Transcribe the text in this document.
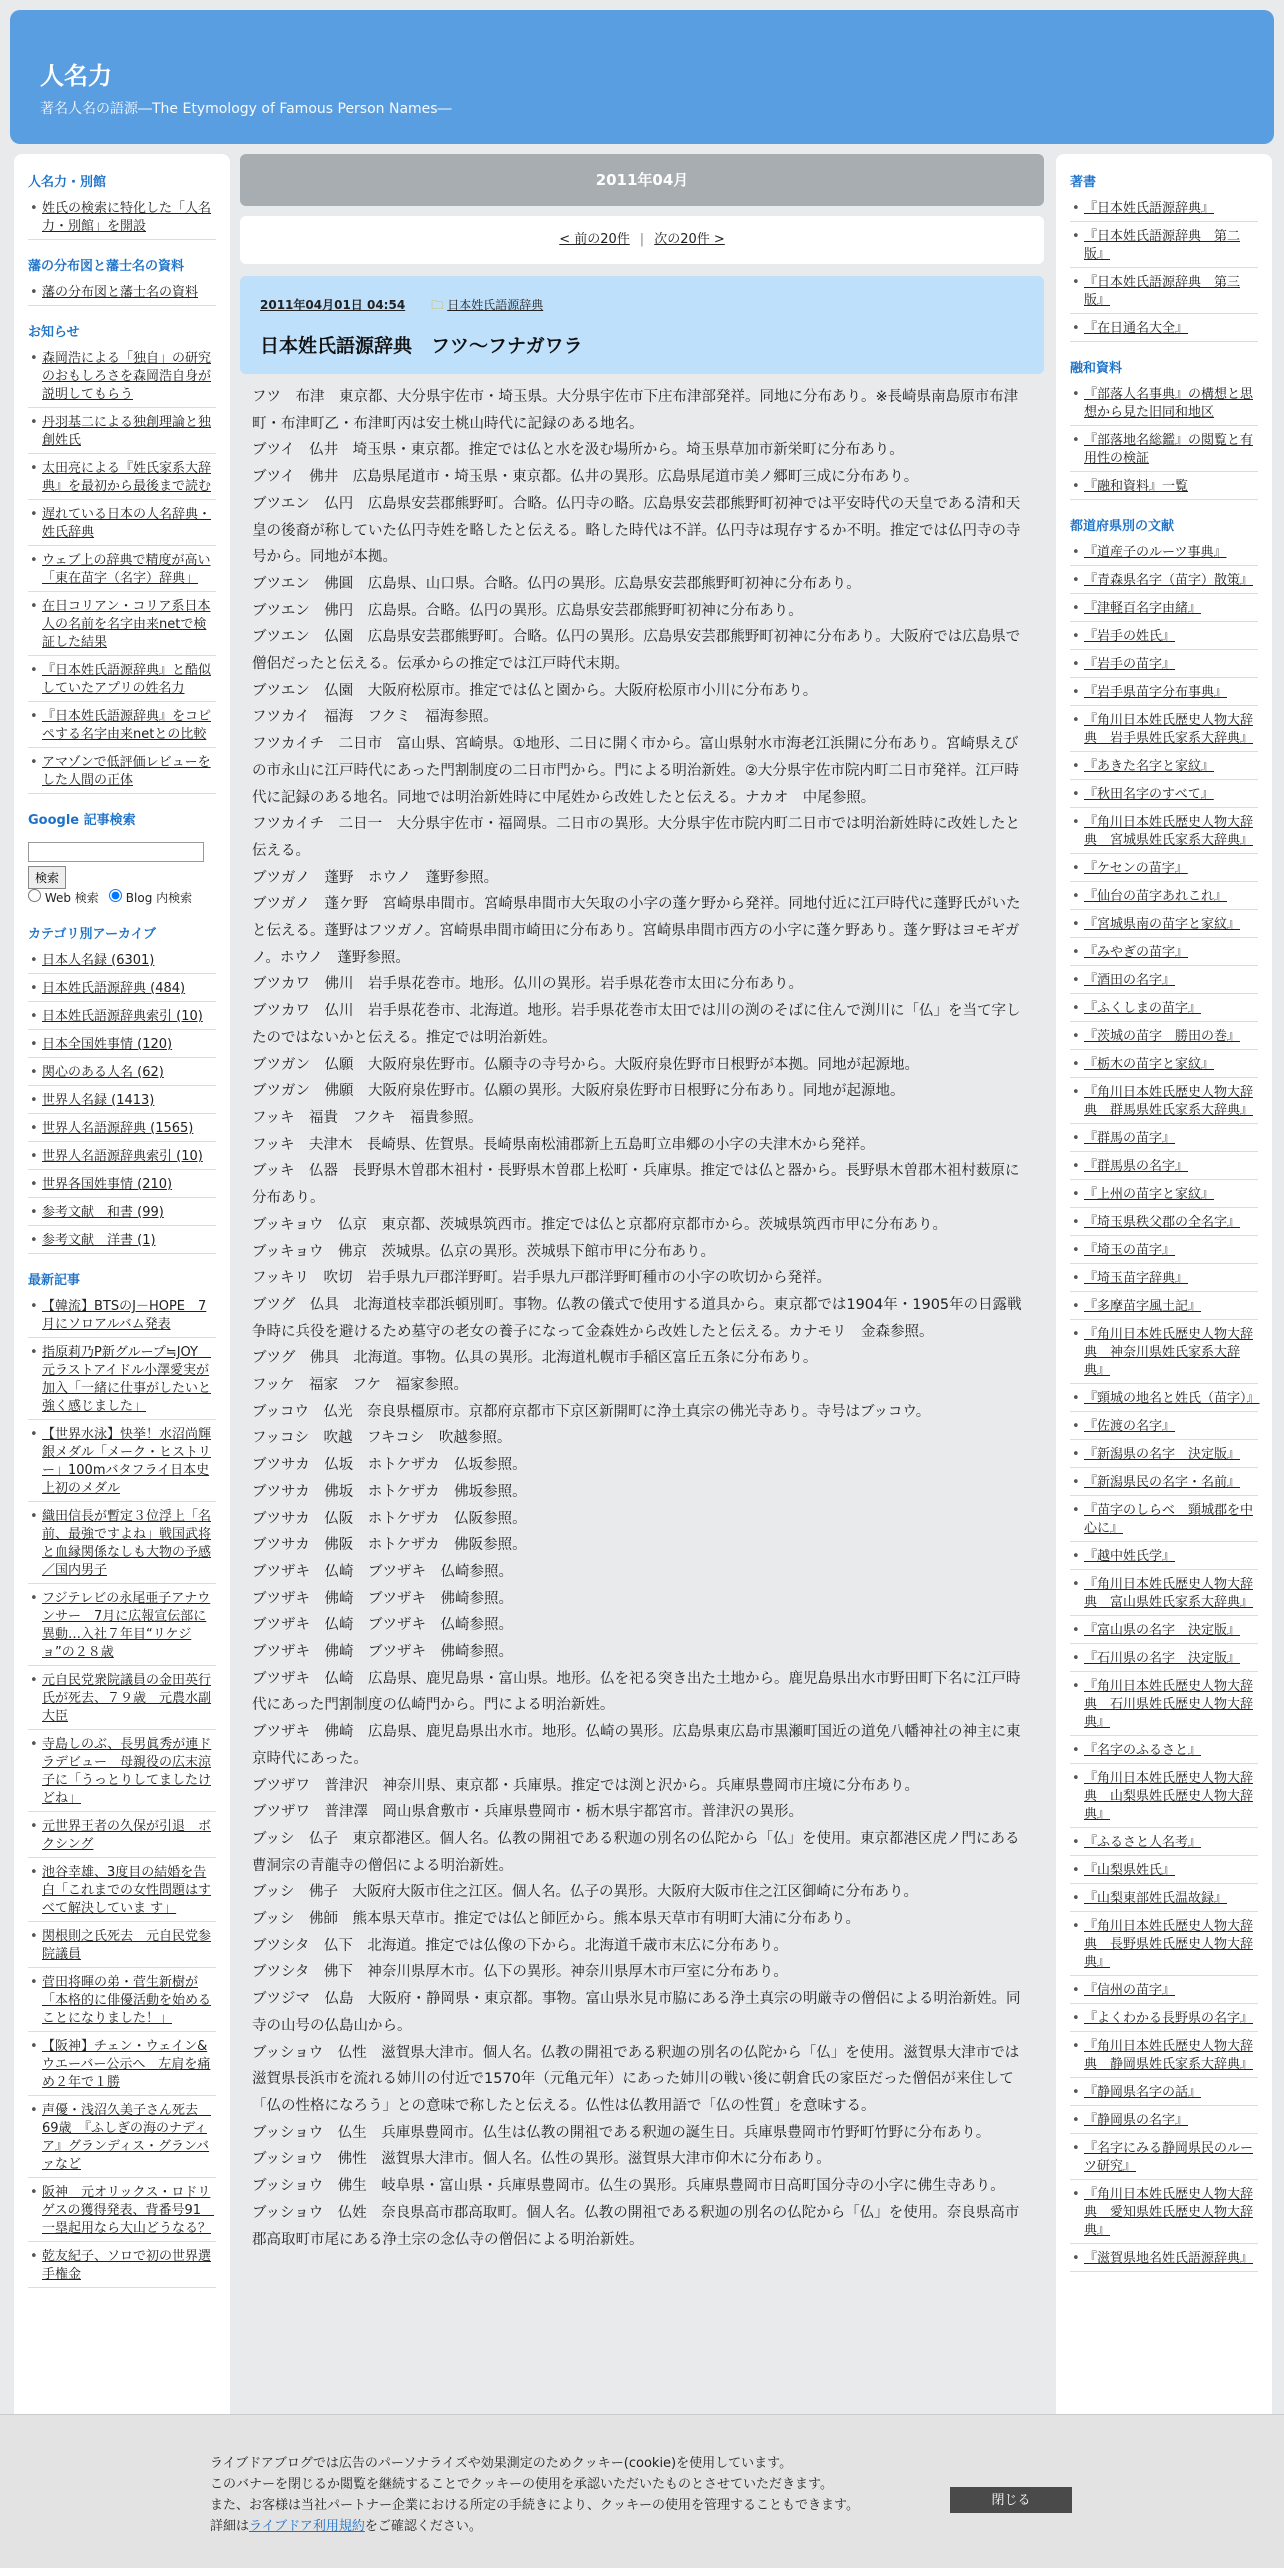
人名力
著名人名の語源―The Etymology of Famous Person Names―
人名力・別館
• 姓氏の検索に特化した「人名力・別館」を開設
藩の分布図と藩士名の資料
• 藩の分布図と藩士名の資料
お知らせ
• 森岡浩による「独自」の研究のおもしろさを森岡浩自身が説明してもらう
• 丹羽基二による独創理論と独創姓氏
• 太田亮による『姓氏家系大辞典』を最初から最後まで読む
• 遅れている日本の人名辞典・姓氏辞典
• ウェブ上の辞典で精度が高い「東在苗字（名字）辞典」
• 在日コリアン・コリア系日本人の名前を名字由来netで検証した結果
• 『日本姓氏語源辞典』と酷似していたアプリの姓名力
• 『日本姓氏語源辞典』をコピペする名字由来netとの比較
• アマゾンで低評価レビューをした人間の正体
Google 記事検索

検索
Web 検索 Blog 内検索
カテゴリ別アーカイブ
• 日本人名録 (6301)
• 日本姓氏語源辞典 (484)
• 日本姓氏語源辞典索引 (10)
• 日本全国姓事情 (120)
• 関心のある人名 (62)
• 世界人名録 (1413)
• 世界人名語源辞典 (1565)
• 世界人名語源辞典索引 (10)
• 世界各国姓事情 (210)
• 参考文献　和書 (99)
• 参考文献　洋書 (1)
最新記事
• 【韓流】BTSのJ－HOPE　7月にソロアルバム発表
• 指原莉乃P新グループ≒JOY　元ラストアイドル小澤愛実が加入「一緒に仕事がしたいと強く感じました」
• 【世界水泳】快挙！水沼尚輝銀メダル「メーク・ヒストリー」100mバタフライ日本史上初のメダル
• 織田信長が暫定３位浮上「名前、最強ですよね」戦国武将と血縁関係なしも大物の予感／国内男子
• フジテレビの永尾亜子アナウンサー　7月に広報宣伝部に異動…入社７年目“リケジョ”の２８歳
• 元自民党衆院議員の金田英行氏が死去、７９歳　元農水副大臣
• 寺島しのぶ、長男眞秀が連ドラデビュー　母親役の広末涼子に「うっとりしてましたけどね」
• 元世界王者の久保が引退　ボクシング
• 池谷幸雄、3度目の結婚を告白「これまでの女性問題はすべて解決していま す」
• 関根則之氏死去　元自民党参院議員
• 菅田将暉の弟・菅生新樹が「本格的に俳優活動を始めることになりました！」
• 【阪神】チェン・ウェイン&ウエーバー公示へ　左肩を痛め２年で１勝
• 声優・浅沼久美子さん死去　69歳　『ふしぎの海のナディア』グランディス・グランバァなど
• 阪神　元オリックス・ロドリゲスの獲得発表、背番号91　一塁起用なら大山どうなる？
• 乾友紀子、ソロで初の世界選手権金
2011年04月
< 前の20件 | 次の20件 >
2011年04月01日 04:54 🗀 日本姓氏語源辞典
日本姓氏語源辞典　フツ～フナガワラ
フツ　布津　東京都、大分県宇佐市・埼玉県。大分県宇佐市下庄布津部発祥。同地に分布あり。※長崎県南島原市布津町・布津町乙・布津町丙は安土桃山時代に記録のある地名。
ブツイ　仏井　埼玉県・東京都。推定では仏と水を汲む場所から。埼玉県草加市新栄町に分布あり。
ブツイ　佛井　広島県尾道市・埼玉県・東京都。仏井の異形。広島県尾道市美ノ郷町三成に分布あり。
ブツエン　仏円　広島県安芸郡熊野町。合略。仏円寺の略。広島県安芸郡熊野町初神では平安時代の天皇である清和天皇の後裔が称していた仏円寺姓を略したと伝える。略した時代は不詳。仏円寺は現存するか不明。推定では仏円寺の寺号から。同地が本拠。
ブツエン　佛圓　広島県、山口県。合略。仏円の異形。広島県安芸郡熊野町初神に分布あり。
ブツエン　佛円　広島県。合略。仏円の異形。広島県安芸郡熊野町初神に分布あり。
ブツエン　仏園　広島県安芸郡熊野町。合略。仏円の異形。広島県安芸郡熊野町初神に分布あり。大阪府では広島県で僧侶だったと伝える。伝承からの推定では江戸時代末期。
ブツエン　仏園　大阪府松原市。推定では仏と園から。大阪府松原市小川に分布あり。
フツカイ　福海　フクミ　福海参照。
フツカイチ　二日市　富山県、宮崎県。①地形、二日に開く市から。富山県射水市海老江浜開に分布あり。宮崎県えびの市永山に江戸時代にあった門割制度の二日市門から。門による明治新姓。②大分県宇佐市院内町二日市発祥。江戸時代に記録のある地名。同地では明治新姓時に中尾姓から改姓したと伝える。ナカオ　中尾参照。
フツカイチ　二日一　大分県宇佐市・福岡県。二日市の異形。大分県宇佐市院内町二日市では明治新姓時に改姓したと伝える。
ブツガノ　蓬野　ホウノ　蓬野参照。
ブツガノ　蓬ケ野　宮崎県串間市。宮崎県串間市大矢取の小字の蓬ケ野から発祥。同地付近に江戸時代に蓬野氏がいたと伝える。蓬野はフツガノ。宮崎県串間市崎田に分布あり。宮崎県串間市西方の小字に蓬ケ野あり。蓬ケ野はヨモギガノ。ホウノ　蓬野参照。
ブツカワ　佛川　岩手県花巻市。地形。仏川の異形。岩手県花巻市太田に分布あり。
ブツカワ　仏川　岩手県花巻市、北海道。地形。岩手県花巻市太田では川の渕のそばに住んで渕川に「仏」を当て字したのではないかと伝える。推定では明治新姓。
ブツガン　仏願　大阪府泉佐野市。仏願寺の寺号から。大阪府泉佐野市日根野が本拠。同地が起源地。
ブツガン　佛願　大阪府泉佐野市。仏願の異形。大阪府泉佐野市日根野に分布あり。同地が起源地。
フッキ　福貴　フクキ　福貴参照。
フッキ　夫津木　長崎県、佐賀県。長崎県南松浦郡新上五島町立串郷の小字の夫津木から発祥。
ブッキ　仏器　長野県木曽郡木祖村・長野県木曽郡上松町・兵庫県。推定では仏と器から。長野県木曽郡木祖村薮原に分布あり。
ブッキョウ　仏京　東京都、茨城県筑西市。推定では仏と京都府京都市から。茨城県筑西市甲に分布あり。
ブッキョウ　佛京　茨城県。仏京の異形。茨城県下館市甲に分布あり。
フッキリ　吹切　岩手県九戸郡洋野町。岩手県九戸郡洋野町種市の小字の吹切から発祥。
ブツグ　仏具　北海道枝幸郡浜頓別町。事物。仏教の儀式で使用する道具から。東京都では1904年・1905年の日露戦争時に兵役を避けるため墓守の老女の養子になって金森姓から改姓したと伝える。カナモリ　金森参照。
ブツグ　佛具　北海道。事物。仏具の異形。北海道札幌市手稲区富丘五条に分布あり。
フッケ　福家　フケ　福家参照。
ブッコウ　仏光　奈良県橿原市。京都府京都市下京区新開町に浄土真宗の佛光寺あり。寺号はブッコウ。
フッコシ　吹越　フキコシ　吹越参照。
ブツサカ　仏坂　ホトケザカ　仏坂参照。
ブツサカ　佛坂　ホトケザカ　佛坂参照。
ブツサカ　仏阪　ホトケザカ　仏阪参照。
ブツサカ　佛阪　ホトケザカ　佛阪参照。
ブツザキ　仏崎　ブツザキ　仏崎参照。
ブツザキ　佛崎　ブツザキ　佛崎参照。
ブツザキ　仏崎　ブツザキ　仏崎参照。
ブツザキ　佛崎　ブツザキ　佛崎参照。
ブツザキ　仏崎　広島県、鹿児島県・富山県。地形。仏を祀る突き出た土地から。鹿児島県出水市野田町下名に江戸時代にあった門割制度の仏崎門から。門による明治新姓。
ブツザキ　佛崎　広島県、鹿児島県出水市。地形。仏崎の異形。広島県東広島市黒瀬町国近の道免八幡神社の神主に東京時代にあった。
ブツザワ　普津沢　神奈川県、東京都・兵庫県。推定では渕と沢から。兵庫県豊岡市庄境に分布あり。
ブツザワ　普津澤　岡山県倉敷市・兵庫県豊岡市・栃木県宇都宮市。普津沢の異形。
ブッシ　仏子　東京都港区。個人名。仏教の開祖である釈迦の別名の仏陀から「仏」を使用。東京都港区虎ノ門にある曹洞宗の青龍寺の僧侶による明治新姓。
ブッシ　佛子　大阪府大阪市住之江区。個人名。仏子の異形。大阪府大阪市住之江区御崎に分布あり。
ブッシ　佛師　熊本県天草市。推定では仏と師匠から。熊本県天草市有明町大浦に分布あり。
ブツシタ　仏下　北海道。推定では仏像の下から。北海道千歳市末広に分布あり。
ブツシタ　佛下　神奈川県厚木市。仏下の異形。神奈川県厚木市戸室に分布あり。
ブツジマ　仏島　大阪府・静岡県・東京都。事物。富山県氷見市脇にある浄土真宗の明厳寺の僧侶による明治新姓。同寺の山号の仏島山から。
ブッショウ　仏性　滋賀県大津市。個人名。仏教の開祖である釈迦の別名の仏陀から「仏」を使用。滋賀県大津市では滋賀県長浜市を流れる姉川の付近で1570年（元亀元年）にあった姉川の戦い後に朝倉氏の家臣だった僧侶が来住して「仏の性格になろう」との意味で称したと伝える。仏性は仏教用語で「仏の性質」を意味する。
ブッショウ　仏生　兵庫県豊岡市。仏生は仏教の開祖である釈迦の誕生日。兵庫県豊岡市竹野町竹野に分布あり。
ブッショウ　佛性　滋賀県大津市。個人名。仏性の異形。滋賀県大津市仰木に分布あり。
ブッショウ　佛生　岐阜県・富山県・兵庫県豊岡市。仏生の異形。兵庫県豊岡市日高町国分寺の小字に佛生寺あり。
ブッショウ　仏姓　奈良県高市郡高取町。個人名。仏教の開祖である釈迦の別名の仏陀から「仏」を使用。奈良県高市郡高取町市尾にある浄土宗の念仏寺の僧侶による明治新姓。
著書
• 『日本姓氏語源辞典』
• 『日本姓氏語源辞典　第二版』
• 『日本姓氏語源辞典　第三版』
• 『在日通名大全』
融和資料
• 『部落人名事典』の構想と思想から見た旧同和地区
• 『部落地名総鑑』の閲覧と有用性の検証
• 『融和資料』一覧
都道府県別の文献
• 『道産子のルーツ事典』
• 『青森県名字（苗字）散策』
• 『津軽百名字由緒』
• 『岩手の姓氏』
• 『岩手の苗字』
• 『岩手県苗字分布事典』
• 『角川日本姓氏歴史人物大辞典　岩手県姓氏家系大辞典』
• 『あきた名字と家紋』
• 『秋田名字のすべて』
• 『角川日本姓氏歴史人物大辞典　宮城県姓氏家系大辞典』
• 『ケセンの苗字』
• 『仙台の苗字あれこれ』
• 『宮城県南の苗字と家紋』
• 『みやぎの苗字』
• 『酒田の名字』
• 『ふくしまの苗字』
• 『茨城の苗字　勝田の巻』
• 『栃木の苗字と家紋』
• 『角川日本姓氏歴史人物大辞典　群馬県姓氏家系大辞典』
• 『群馬の苗字』
• 『群馬県の名字』
• 『上州の苗字と家紋』
• 『埼玉県秩父郡の全名字』
• 『埼玉の苗字』
• 『埼玉苗字辞典』
• 『多摩苗字風土記』
• 『角川日本姓氏歴史人物大辞典　神奈川県姓氏家系大辞典』
• 『頸城の地名と姓氏（苗字）』
• 『佐渡の名字』
• 『新潟県の名字　決定版』
• 『新潟県民の名字・名前』
• 『苗字のしらべ　頸城郡を中心に』
• 『越中姓氏学』
• 『角川日本姓氏歴史人物大辞典　富山県姓氏家系大辞典』
• 『富山県の名字　決定版』
• 『石川県の名字　決定版』
• 『角川日本姓氏歴史人物大辞典　石川県姓氏歴史人物大辞典』
• 『名字のふるさと』
• 『角川日本姓氏歴史人物大辞典　山梨県姓氏歴史人物大辞典』
• 『ふるさと人名考』
• 『山梨県姓氏』
• 『山梨東部姓氏温故録』
• 『角川日本姓氏歴史人物大辞典　長野県姓氏歴史人物大辞典』
• 『信州の苗字』
• 『よくわかる長野県の名字』
• 『角川日本姓氏歴史人物大辞典　静岡県姓氏家系大辞典』
• 『静岡県名字の話』
• 『静岡県の名字』
• 『名字にみる静岡県民のルーツ研究』
• 『角川日本姓氏歴史人物大辞典　愛知県姓氏歴史人物大辞典』
• 『滋賀県地名姓氏語源辞典』
ライブドアブログでは広告のパーソナライズや効果測定のためクッキー(cookie)を使用しています。
このバナーを閉じるか閲覧を継続することでクッキーの使用を承認いただいたものとさせていただきます。
また、お客様は当社パートナー企業における所定の手続きにより、クッキーの使用を管理することもできます。
詳細はライブドア利用規約をご確認ください。
閉じる
